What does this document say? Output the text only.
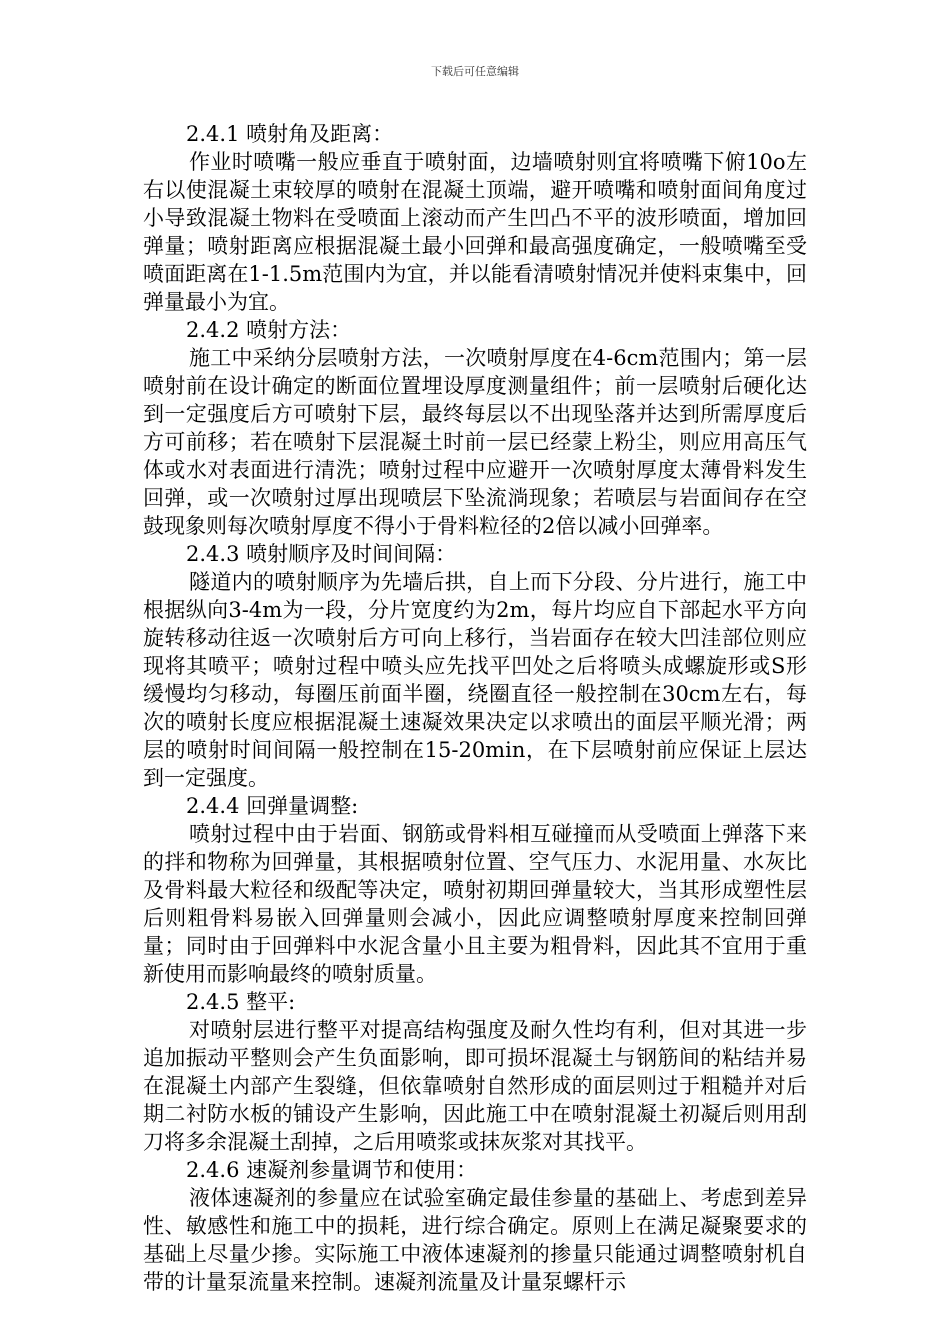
下载后可任意编辑

2.4.1 喷射角及距离：

作业时喷嘴一般应垂直于喷射面，边墙喷射则宜将喷嘴下俯10o左右以使混凝土束较厚的喷射在混凝土顶端，避开喷嘴和喷射面间角度过小导致混凝土物料在受喷面上滚动而产生凹凸不平的波形喷面，增加回弹量；喷射距离应根据混凝土最小回弹和最高强度确定，一般喷嘴至受喷面距离在1-1.5m范围内为宜，并以能看清喷射情况并使料束集中，回弹量最小为宜。

2.4.2 喷射方法：

施工中采纳分层喷射方法，一次喷射厚度在4-6cm范围内；第一层喷射前在设计确定的断面位置埋设厚度测量组件；前一层喷射后硬化达到一定强度后方可喷射下层，最终每层以不出现坠落并达到所需厚度后方可前移；若在喷射下层混凝土时前一层已经蒙上粉尘，则应用高压气体或水对表面进行清洗；喷射过程中应避开一次喷射厚度太薄骨料发生回弹，或一次喷射过厚出现喷层下坠流淌现象；若喷层与岩面间存在空鼓现象则每次喷射厚度不得小于骨料粒径的2倍以减小回弹率。

2.4.3 喷射顺序及时间间隔：

隧道内的喷射顺序为先墙后拱，自上而下分段、分片进行，施工中根据纵向3-4m为一段，分片宽度约为2m，每片均应自下部起水平方向旋转移动往返一次喷射后方可向上移行，当岩面存在较大凹洼部位则应现将其喷平；喷射过程中喷头应先找平凹处之后将喷头成螺旋形或S形缓慢均匀移动，每圈压前面半圈，绕圈直径一般控制在30cm左右，每次的喷射长度应根据混凝土速凝效果决定以求喷出的面层平顺光滑；两层的喷射时间间隔一般控制在15-20min，在下层喷射前应保证上层达到一定强度。

2.4.4 回弹量调整:

喷射过程中由于岩面、钢筋或骨料相互碰撞而从受喷面上弹落下来的拌和物称为回弹量，其根据喷射位置、空气压力、水泥用量、水灰比及骨料最大粒径和级配等决定，喷射初期回弹量较大，当其形成塑性层后则粗骨料易嵌入回弹量则会减小，因此应调整喷射厚度来控制回弹量；同时由于回弹料中水泥含量小且主要为粗骨料，因此其不宜用于重新使用而影响最终的喷射质量。

2.4.5 整平:

对喷射层进行整平对提高结构强度及耐久性均有利，但对其进一步追加振动平整则会产生负面影响，即可损坏混凝土与钢筋间的粘结并易在混凝土内部产生裂缝，但依靠喷射自然形成的面层则过于粗糙并对后期二衬防水板的铺设产生影响，因此施工中在喷射混凝土初凝后则用刮刀将多余混凝土刮掉，之后用喷浆或抹灰浆对其找平。

2.4.6 速凝剂参量调节和使用：

液体速凝剂的参量应在试验室确定最佳参量的基础上、考虑到差异性、敏感性和施工中的损耗，进行综合确定。原则上在满足凝聚要求的基础上尽量少掺。实际施工中液体速凝剂的掺量只能通过调整喷射机自带的计量泵流量来控制。速凝剂流量及计量泵螺杆示
